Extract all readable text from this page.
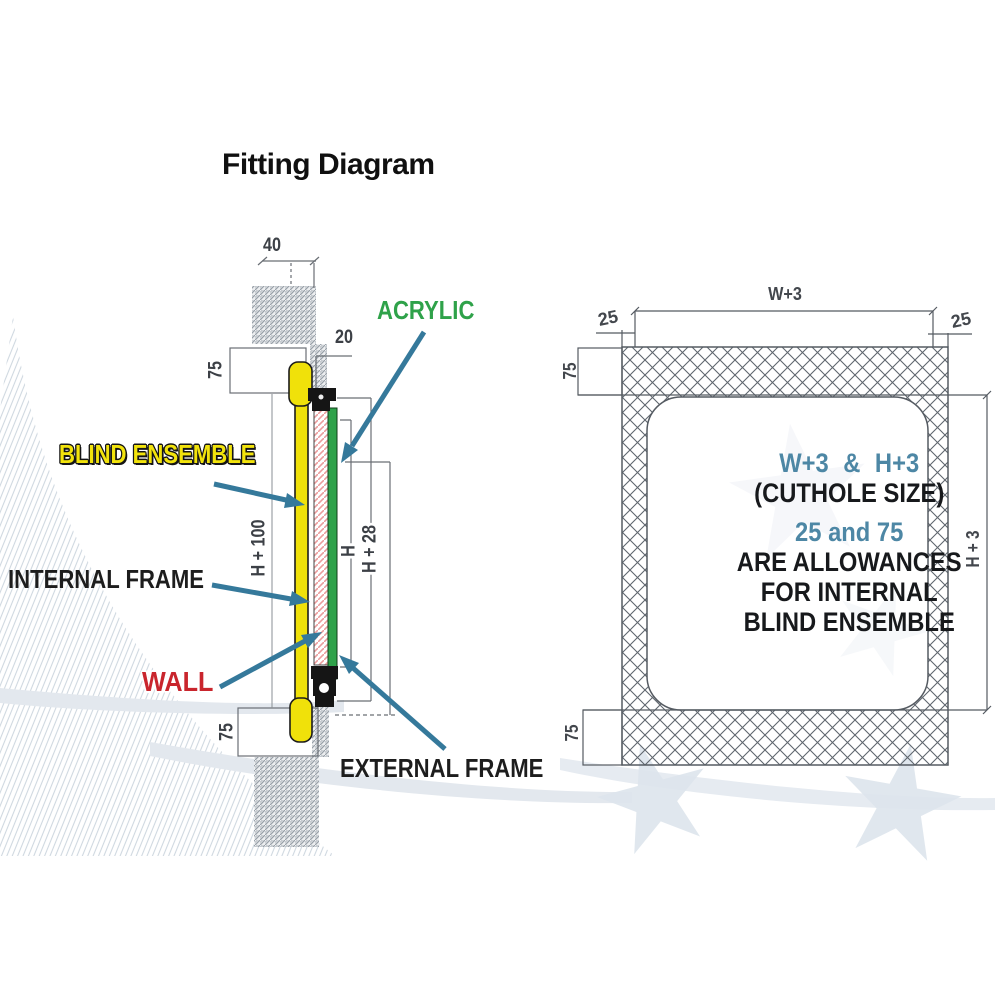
Fitting Diagram
ACRYLIC
BLIND ENSEMBLE
INTERNAL FRAME
WALL
EXTERNAL FRAME
40
20
75
75
H + 100	H H + 28
W+3
25	25
75
75
H + 3
W+3 & H+3
(CUTHOLE SIZE)
25 and 75
ARE ALLOWANCES
FOR INTERNAL
BLIND ENSEMBLE
